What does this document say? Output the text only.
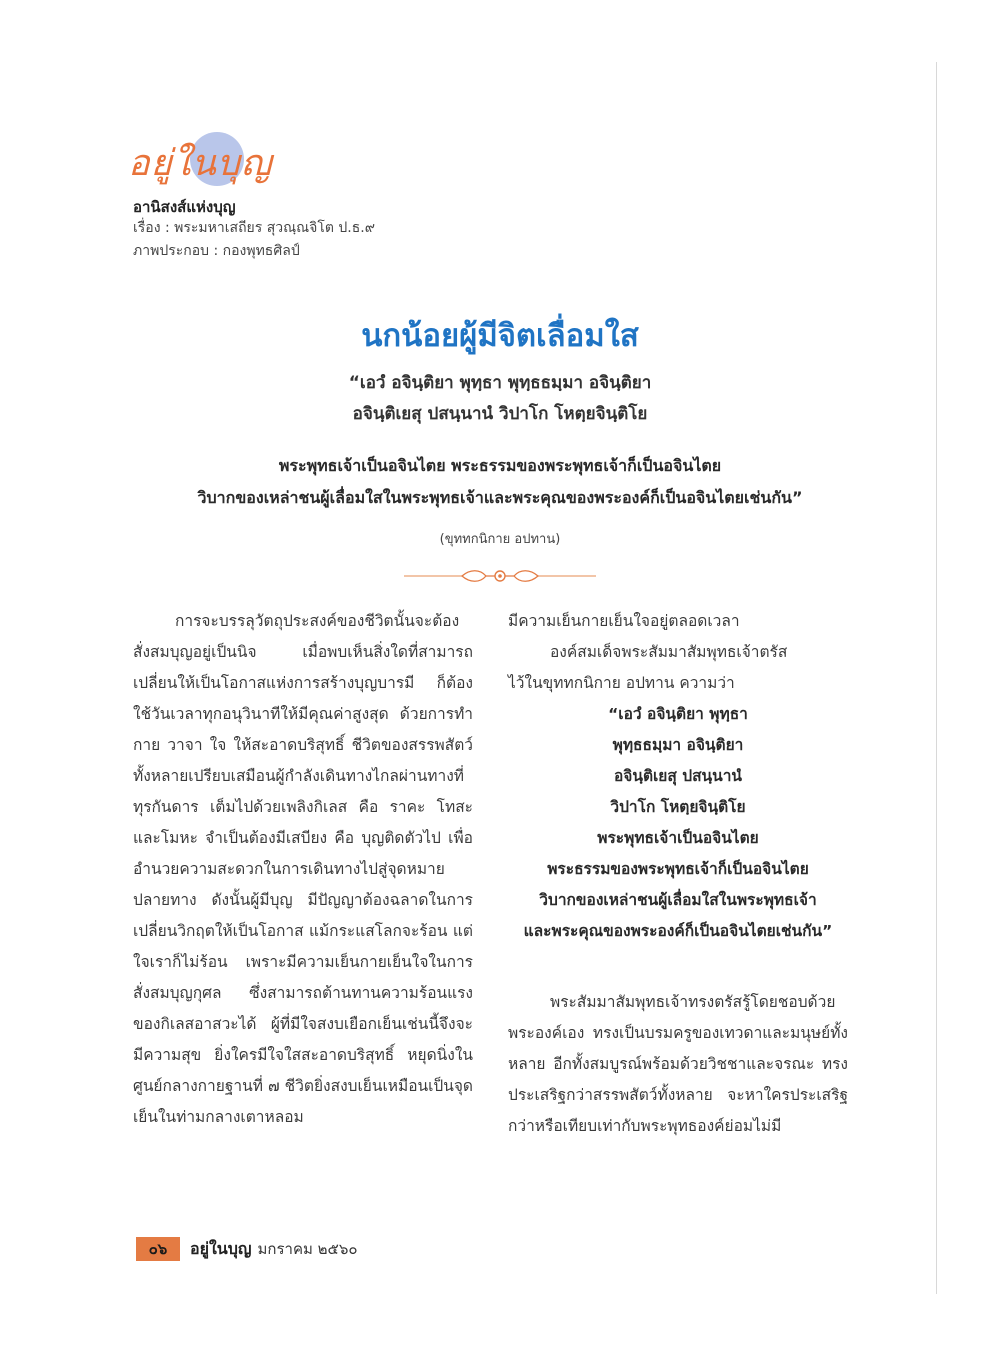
อยู่ในบุญ
อานิสงส์แห่งบุญ
เรื่อง : พระมหาเสถียร สุวณฺณจิโต ป.ธ.๙
ภาพประกอบ : กองพุทธศิลป์
นกน้อยผู้มีจิตเลื่อมใส
“เอวํ อจินฺติยา พุทฺธา พุทฺธธมฺมา อจินฺติยา
อจินฺติเยสุ ปสนฺนานํ วิปาโก โหตฺยจินฺติโย
พระพุทธเจ้าเป็นอจินไตย พระธรรมของพระพุทธเจ้าก็เป็นอจินไตย
วิบากของเหล่าชนผู้เลื่อมใสในพระพุทธเจ้าและพระคุณของพระองค์ก็เป็นอจินไตยเช่นกัน”
(ขุททกนิกาย อปทาน)

การจะบรรลุวัตถุประสงค์ของชีวิตนั้นจะต้องสั่งสมบุญอยู่เป็นนิจ เมื่อพบเห็นสิ่งใดที่สามารถเปลี่ยนให้เป็นโอกาสแห่งการสร้างบุญบารมี ก็ต้องใช้วันเวลาทุกอนุวินาทีให้มีคุณค่าสูงสุด ด้วยการทำกาย วาจา ใจ ให้สะอาดบริสุทธิ์ ชีวิตของสรรพสัตว์ทั้งหลายเปรียบเสมือนผู้กำลังเดินทางไกลผ่านทางที่ทุรกันดาร เต็มไปด้วยเพลิงกิเลส คือ ราคะ โทสะ และโมหะ จำเป็นต้องมีเสบียง คือ บุญติดตัวไป เพื่ออำนวยความสะดวกในการเดินทางไปสู่จุดหมายปลายทาง ดังนั้นผู้มีบุญ มีปัญญาต้องฉลาดในการเปลี่ยนวิกฤตให้เป็นโอกาส แม้กระแสโลกจะร้อน แต่ใจเราก็ไม่ร้อน เพราะมีความเย็นกายเย็นใจในการสั่งสมบุญกุศล ซึ่งสามารถต้านทานความร้อนแรงของกิเลสอาสวะได้ ผู้ที่มีใจสงบเยือกเย็นเช่นนี้จึงจะมีความสุข ยิ่งใครมีใจใสสะอาดบริสุทธิ์ หยุดนิ่งในศูนย์กลางกายฐานที่ ๗ ชีวิตยิ่งสงบเย็นเหมือนเป็นจุดเย็นในท่ามกลางเตาหลอม

มีความเย็นกายเย็นใจอยู่ตลอดเวลา

องค์สมเด็จพระสัมมาสัมพุทธเจ้าตรัส

ไว้ในขุททกนิกาย อปทาน ความว่า

“เอวํ อจินฺติยา พุทฺธา

พุทฺธธมฺมา อจินฺติยา

อจินฺติเยสุ ปสนฺนานํ

วิปาโก โหตฺยจินฺติโย

พระพุทธเจ้าเป็นอจินไตย

พระธรรมของพระพุทธเจ้าก็เป็นอจินไตย

วิบากของเหล่าชนผู้เลื่อมใสในพระพุทธเจ้า

และพระคุณของพระองค์ก็เป็นอจินไตยเช่นกัน”

พระสัมมาสัมพุทธเจ้าทรงตรัสรู้โดยชอบด้วยพระองค์เอง ทรงเป็นบรมครูของเทวดาและมนุษย์ทั้งหลาย อีกทั้งสมบูรณ์พร้อมด้วยวิชชาและจรณะ ทรงประเสริฐกว่าสรรพสัตว์ทั้งหลาย จะหาใครประเสริฐกว่าหรือเทียบเท่ากับพระพุทธองค์ย่อมไม่มี

๐๖	อยู่ในบุญ มกราคม ๒๕๖๐
